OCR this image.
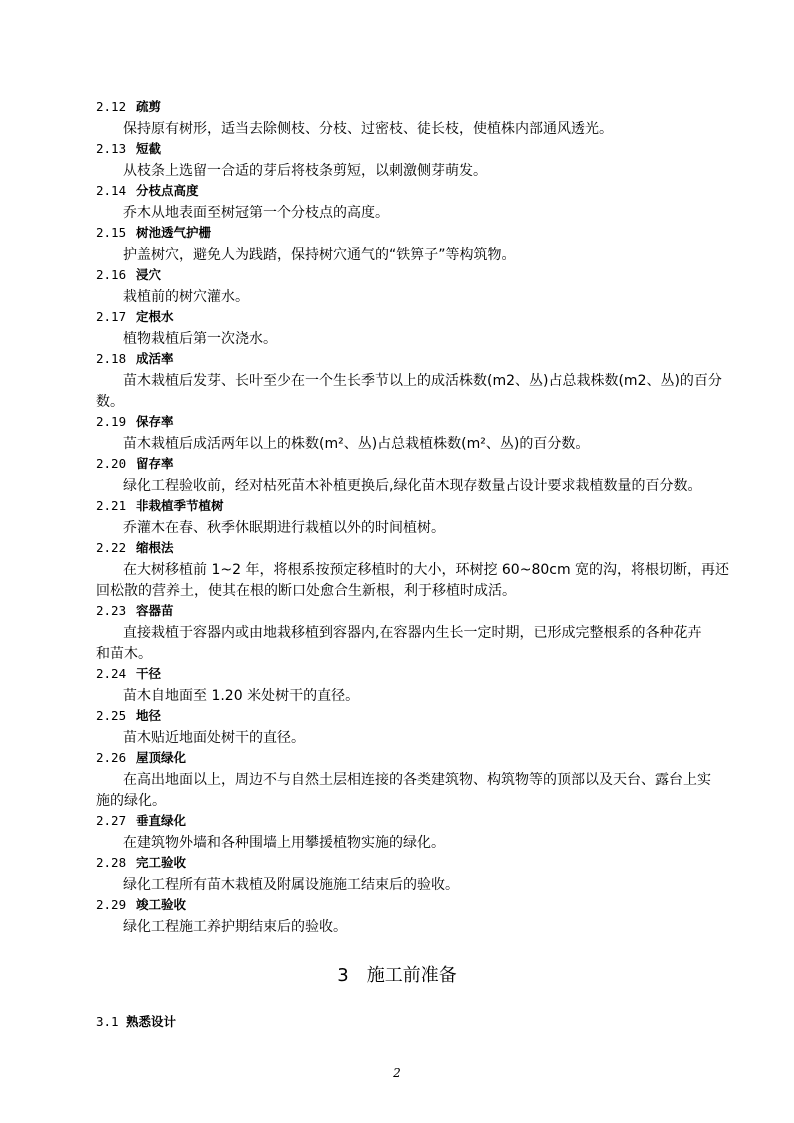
2.12 疏剪
保持原有树形，适当去除侧枝、分枝、过密枝、徒长枝，使植株内部通风透光。
2.13 短截
从枝条上选留一合适的芽后将枝条剪短，以刺激侧芽萌发。
2.14 分枝点高度
乔木从地表面至树冠第一个分枝点的高度。
2.15 树池透气护栅
护盖树穴，避免人为践踏，保持树穴通气的“铁箅子”等构筑物。
2.16 浸穴
栽植前的树穴灌水。
2.17 定根水
植物栽植后第一次浇水。
2.18 成活率
苗木栽植后发芽、长叶至少在一个生长季节以上的成活株数(m2、丛)占总栽株数(m2、丛)的百分
数。
2.19 保存率
苗木栽植后成活两年以上的株数(m²、丛)占总栽植株数(m²、丛)的百分数。
2.20 留存率
绿化工程验收前，经对枯死苗木补植更换后,绿化苗木现存数量占设计要求栽植数量的百分数。
2.21 非栽植季节植树
乔灌木在春、秋季休眠期进行栽植以外的时间植树。
2.22 缩根法
在大树移植前 1~2 年，将根系按预定移植时的大小，环树挖 60~80cm 宽的沟，将根切断，再还
回松散的营养土，使其在根的断口处愈合生新根，利于移植时成活。
2.23 容器苗
直接栽植于容器内或由地栽移植到容器内,在容器内生长一定时期，已形成完整根系的各种花卉
和苗木。
2.24 干径
苗木自地面至 1.20 米处树干的直径。
2.25 地径
苗木贴近地面处树干的直径。
2.26 屋顶绿化
在高出地面以上，周边不与自然土层相连接的各类建筑物、构筑物等的顶部以及天台、露台上实
施的绿化。
2.27 垂直绿化
在建筑物外墙和各种围墙上用攀援植物实施的绿化。
2.28 完工验收
绿化工程所有苗木栽植及附属设施施工结束后的验收。
2.29 竣工验收
绿化工程施工养护期结束后的验收。
3 施工前准备
3.1 熟悉设计
2
